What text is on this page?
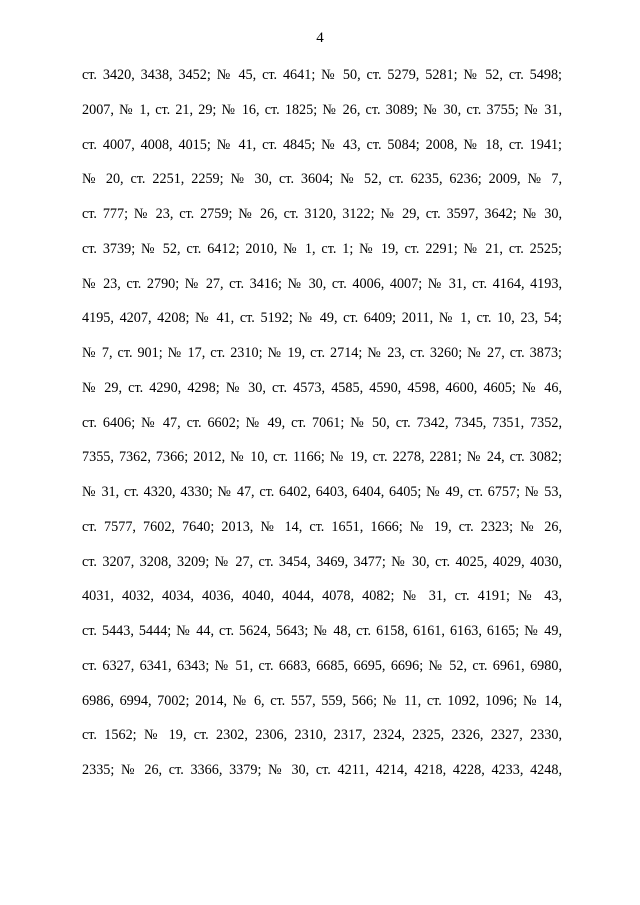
4
ст. 3420, 3438, 3452; № 45, ст. 4641; № 50, ст. 5279, 5281; № 52, ст. 5498;
2007, № 1, ст. 21, 29; № 16, ст. 1825; № 26, ст. 3089; № 30, ст. 3755; № 31,
ст. 4007, 4008, 4015; № 41, ст. 4845; № 43, ст. 5084; 2008, № 18, ст. 1941;
№ 20, ст. 2251, 2259; № 30, ст. 3604; № 52, ст. 6235, 6236; 2009, № 7,
ст. 777; № 23, ст. 2759; № 26, ст. 3120, 3122; № 29, ст. 3597, 3642; № 30,
ст. 3739; № 52, ст. 6412; 2010, № 1, ст. 1; № 19, ст. 2291; № 21, ст. 2525;
№ 23, ст. 2790; № 27, ст. 3416; № 30, ст. 4006, 4007; № 31, ст. 4164, 4193,
4195, 4207, 4208; № 41, ст. 5192; № 49, ст. 6409; 2011, № 1, ст. 10, 23, 54;
№ 7, ст. 901; № 17, ст. 2310; № 19, ст. 2714; № 23, ст. 3260; № 27, ст. 3873;
№ 29, ст. 4290, 4298; № 30, ст. 4573, 4585, 4590, 4598, 4600, 4605; № 46,
ст. 6406; № 47, ст. 6602; № 49, ст. 7061; № 50, ст. 7342, 7345, 7351, 7352,
7355, 7362, 7366; 2012, № 10, ст. 1166; № 19, ст. 2278, 2281; № 24, ст. 3082;
№ 31, ст. 4320, 4330; № 47, ст. 6402, 6403, 6404, 6405; № 49, ст. 6757; № 53,
ст. 7577, 7602, 7640; 2013, № 14, ст. 1651, 1666; № 19, ст. 2323; № 26,
ст. 3207, 3208, 3209; № 27, ст. 3454, 3469, 3477; № 30, ст. 4025, 4029, 4030,
4031, 4032, 4034, 4036, 4040, 4044, 4078, 4082; № 31, ст. 4191; № 43,
ст. 5443, 5444; № 44, ст. 5624, 5643; № 48, ст. 6158, 6161, 6163, 6165; № 49,
ст. 6327, 6341, 6343; № 51, ст. 6683, 6685, 6695, 6696; № 52, ст. 6961, 6980,
6986, 6994, 7002; 2014, № 6, ст. 557, 559, 566; № 11, ст. 1092, 1096; № 14,
ст. 1562; № 19, ст. 2302, 2306, 2310, 2317, 2324, 2325, 2326, 2327, 2330,
2335; № 26, ст. 3366, 3379; № 30, ст. 4211, 4214, 4218, 4228, 4233, 4248,
